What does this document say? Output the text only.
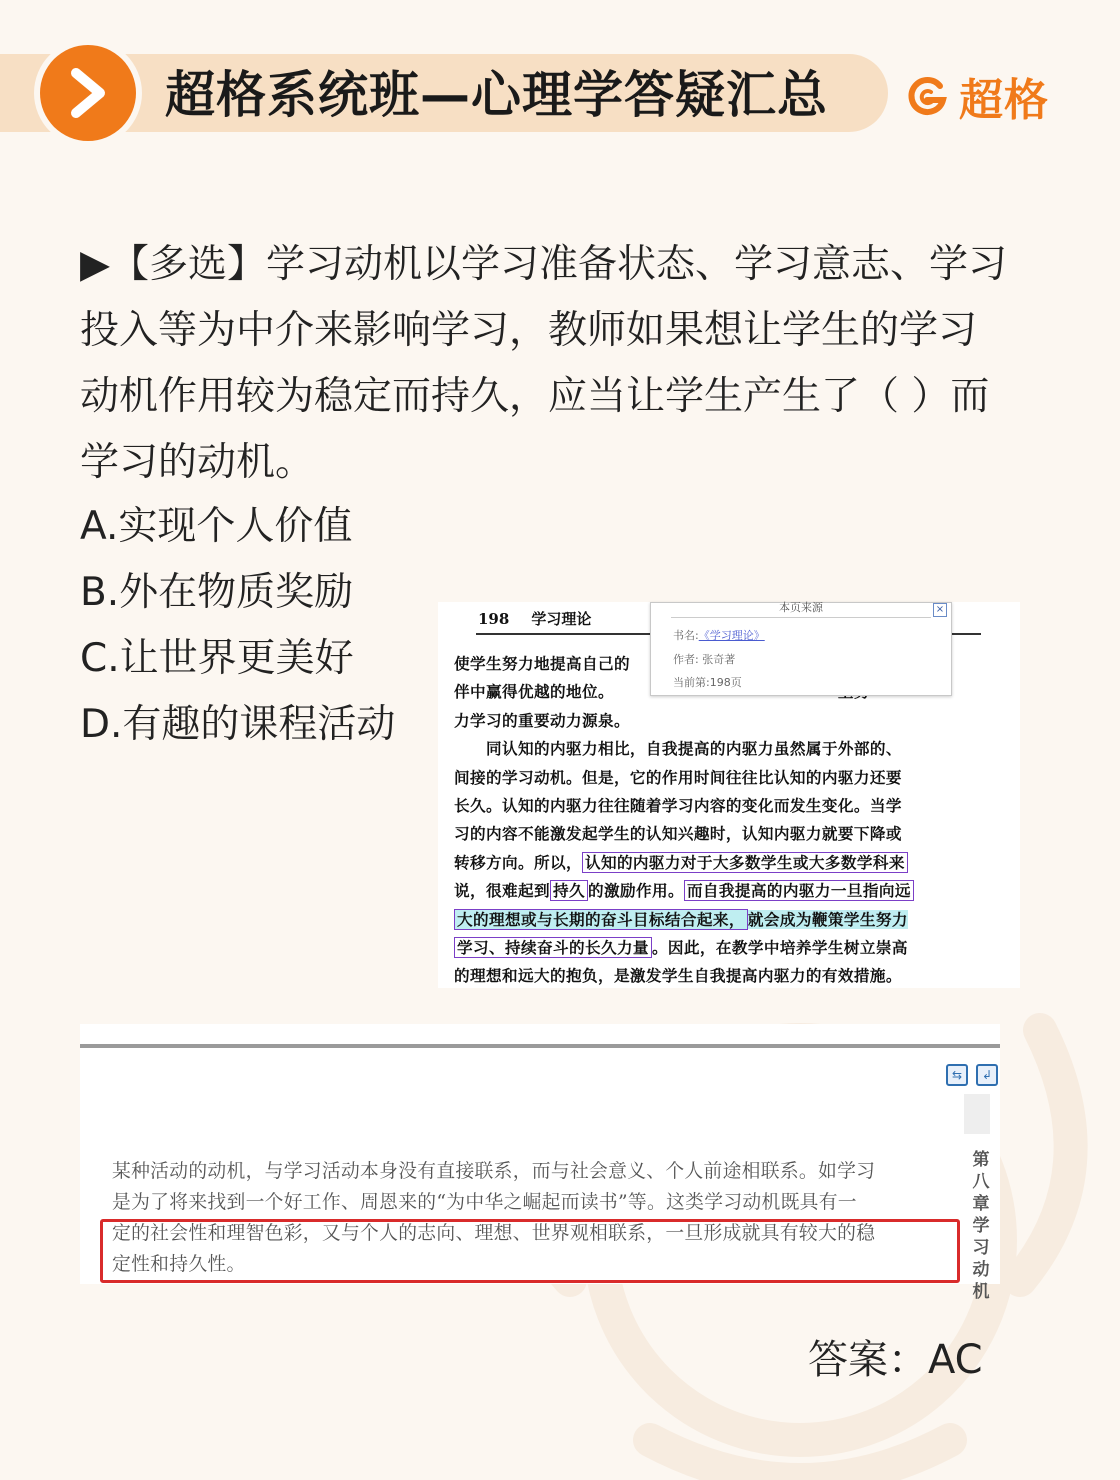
超格系统班—心理学答疑汇总	超格
▶【多选】学习动机以学习准备状态、学习意志、学习投入等为中介来影响学习，教师如果想让学生的学习动机作用较为稳定而持久，应当让学生产生了（ ）而学习的动机。
A.实现个人价值
B.外在物质奖励
C.让世界更美好
D.有趣的课程活动
198 学习理论
使学生努力地提高自己的
伴中赢得优越的地位。
力学习的重要动力源泉。
　　同认知的内驱力相比，自我提高的内驱力虽然属于外部的、
间接的学习动机。但是，它的作用时间往往比认知的内驱力还要
长久。认知的内驱力往往随着学习内容的变化而发生变化。当学
习的内容不能激发起学生的认知兴趣时，认知内驱力就要下降或
转移方向。所以， 认知的内驱力对于大多数学生或大多数学科来
说，很难起到 持久 的激励作用。 而自我提高的内驱力一旦指向远
大的理想或与长期的奋斗目标结合起来， 就会成为鞭策学生努力
学习、持续奋斗的长久力量 。因此，在教学中培养学生树立崇高
的理想和远大的抱负，是激发学生自我提高内驱力的有效措施。
本页来源	×
书名:《学习理论》
作者: 张奇著
当前第:198页
⇆	↲
第八章 学习动机
某种活动的动机，与学习活动本身没有直接联系，而与社会意义、个人前途相联系。如学习
是为了将来找到一个好工作、周恩来的“为中华之崛起而读书”等。这类学习动机既具有一
定的社会性和理智色彩，又与个人的志向、理想、世界观相联系，一旦形成就具有较大的稳
定性和持久性。
答案：AC
